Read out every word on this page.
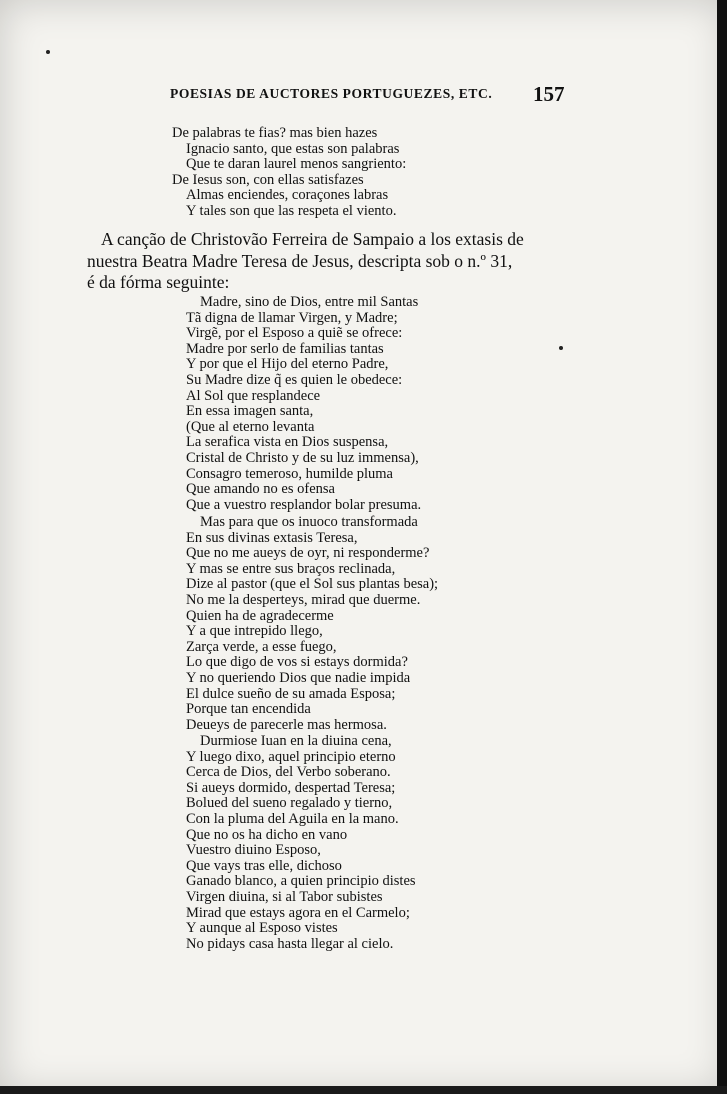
POESIAS DE AUCTORES PORTUGUEZES, ETC. 157
De palabras te fias? mas bien hazes
Ignacio santo, que estas son palabras
Que te daran laurel menos sangriento:
De Iesus son, con ellas satisfazes
Almas enciendes, coraçones labras
Y tales son que las respeta el viento.
A canção de Christovão Ferreira de Sampaio a los extasis de
nuestra Beatra Madre Teresa de Jesus, descripta sob o n.º 31,
é da fórma seguinte:
Madre, sino de Dios, entre mil Santas
Tã digna de llamar Virgen, y Madre;
Virgẽ, por el Esposo a quiẽ se ofrece:
Madre por serlo de familias tantas
Y por que el Hijo del eterno Padre,
Su Madre dize q̃ es quien le obedece:
Al Sol que resplandece
En essa imagen santa,
(Que al eterno levanta
La serafica vista en Dios suspensa,
Cristal de Christo y de su luz immensa),
Consagro temeroso, humilde pluma
Que amando no es ofensa
Que a vuestro resplandor bolar presuma.
Mas para que os inuoco transformada
En sus divinas extasis Teresa,
Que no me aueys de oyr, ni responderme?
Y mas se entre sus braços reclinada,
Dize al pastor (que el Sol sus plantas besa);
No me la desperteys, mirad que duerme.
Quien ha de agradecerme
Y a que intrepido llego,
Zarça verde, a esse fuego,
Lo que digo de vos si estays dormida?
Y no queriendo Dios que nadie impida
El dulce sueño de su amada Esposa;
Porque tan encendida
Deueys de parecerle mas hermosa.
Durmiose Iuan en la diuina cena,
Y luego dixo, aquel principio eterno
Cerca de Dios, del Verbo soberano.
Si aueys dormido, despertad Teresa;
Bolued del sueno regalado y tierno,
Con la pluma del Aguila en la mano.
Que no os ha dicho en vano
Vuestro diuino Esposo,
Que vays tras elle, dichoso
Ganado blanco, a quien principio distes
Virgen diuina, si al Tabor subistes
Mirad que estays agora en el Carmelo;
Y aunque al Esposo vistes
No pidays casa hasta llegar al cielo.
